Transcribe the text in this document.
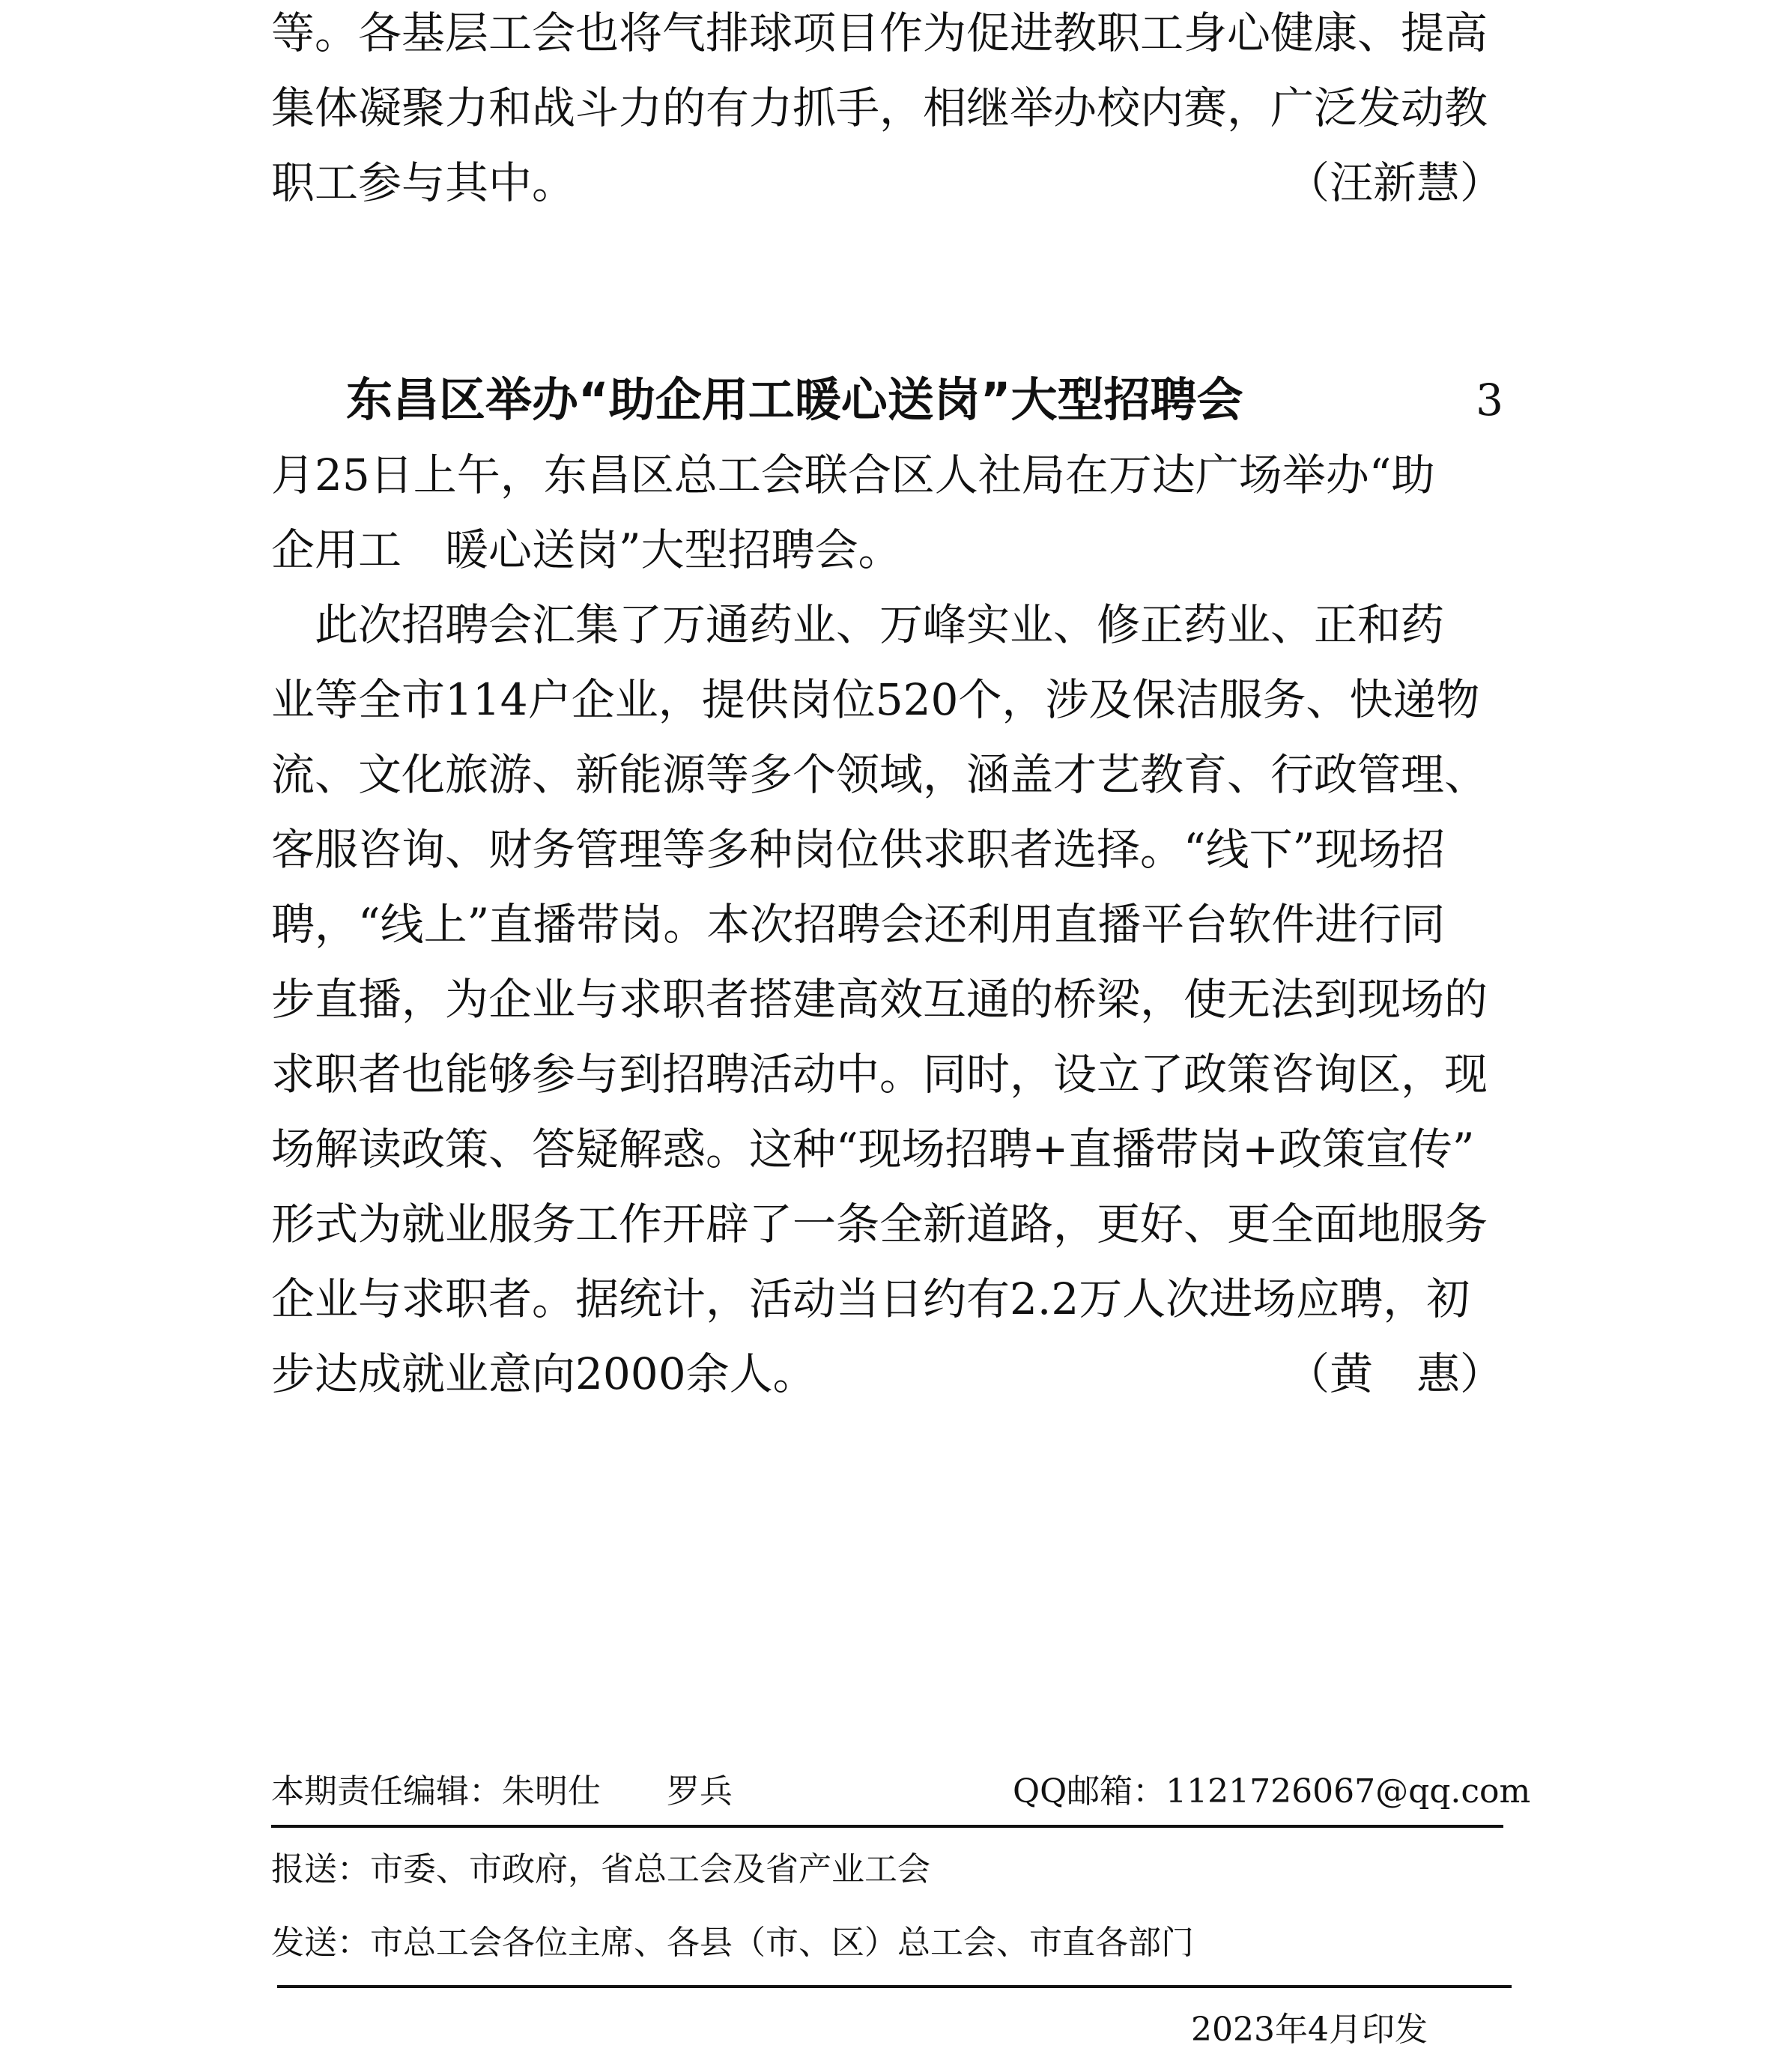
等。各基层工会也将气排球项目作为促进教职工身心健康、提高
集体凝聚力和战斗力的有力抓手，相继举办校内赛，广泛发动教
职工参与其中。	（汪新慧）
东昌区举办“助企用工暖心送岗”大型招聘会	3
月25日上午，东昌区总工会联合区人社局在万达广场举办“助
企用工　暖心送岗”大型招聘会。
　此次招聘会汇集了万通药业、万峰实业、修正药业、正和药
业等全市114户企业，提供岗位520个，涉及保洁服务、快递物
流、文化旅游、新能源等多个领域，涵盖才艺教育、行政管理、
客服咨询、财务管理等多种岗位供求职者选择。“线下”现场招
聘，“线上”直播带岗。本次招聘会还利用直播平台软件进行同
步直播，为企业与求职者搭建高效互通的桥梁，使无法到现场的
求职者也能够参与到招聘活动中。同时，设立了政策咨询区，现
场解读政策、答疑解惑。这种“现场招聘+直播带岗+政策宣传”
形式为就业服务工作开辟了一条全新道路，更好、更全面地服务
企业与求职者。据统计，活动当日约有2.2万人次进场应聘，初
步达成就业意向2000余人。	（黄　惠）
本期责任编辑：朱明仕　　罗兵	QQ邮箱：1121726067@qq.com
报送：市委、市政府，省总工会及省产业工会
发送：市总工会各位主席、各县（市、区）总工会、市直各部门
2023年4月印发
